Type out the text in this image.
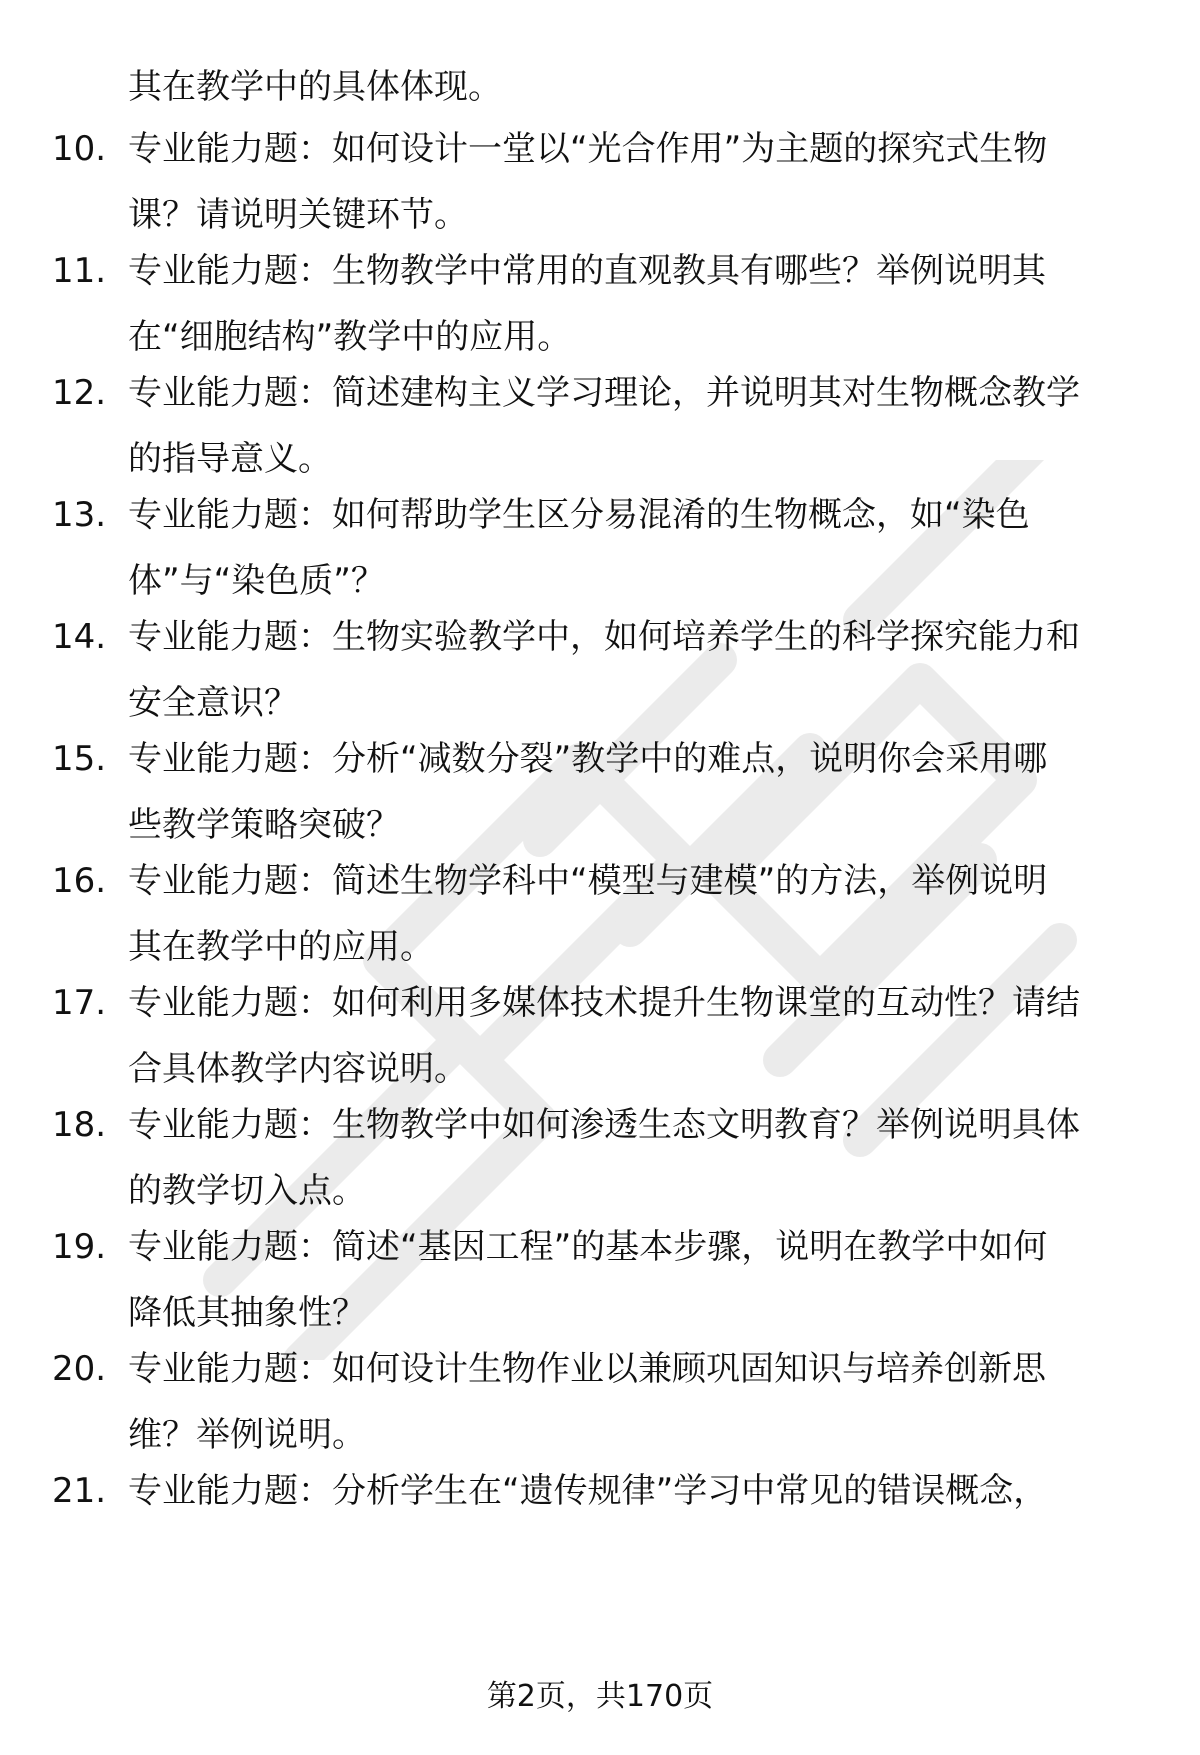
其在教学中的具体体现。
10. 专业能力题：如何设计一堂以“光合作用”为主题的探究式生物
课？请说明关键环节。
11. 专业能力题：生物教学中常用的直观教具有哪些？举例说明其
在“细胞结构”教学中的应用。
12. 专业能力题：简述建构主义学习理论，并说明其对生物概念教学
的指导意义。
13. 专业能力题：如何帮助学生区分易混淆的生物概念，如“染色
体”与“染色质”？
14. 专业能力题：生物实验教学中，如何培养学生的科学探究能力和
安全意识？
15. 专业能力题：分析“减数分裂”教学中的难点，说明你会采用哪
些教学策略突破？
16. 专业能力题：简述生物学科中“模型与建模”的方法，举例说明
其在教学中的应用。
17. 专业能力题：如何利用多媒体技术提升生物课堂的互动性？请结
合具体教学内容说明。
18. 专业能力题：生物教学中如何渗透生态文明教育？举例说明具体
的教学切入点。
19. 专业能力题：简述“基因工程”的基本步骤，说明在教学中如何
降低其抽象性？
20. 专业能力题：如何设计生物作业以兼顾巩固知识与培养创新思
维？举例说明。
21. 专业能力题：分析学生在“遗传规律”学习中常见的错误概念，
第2页，共170页
